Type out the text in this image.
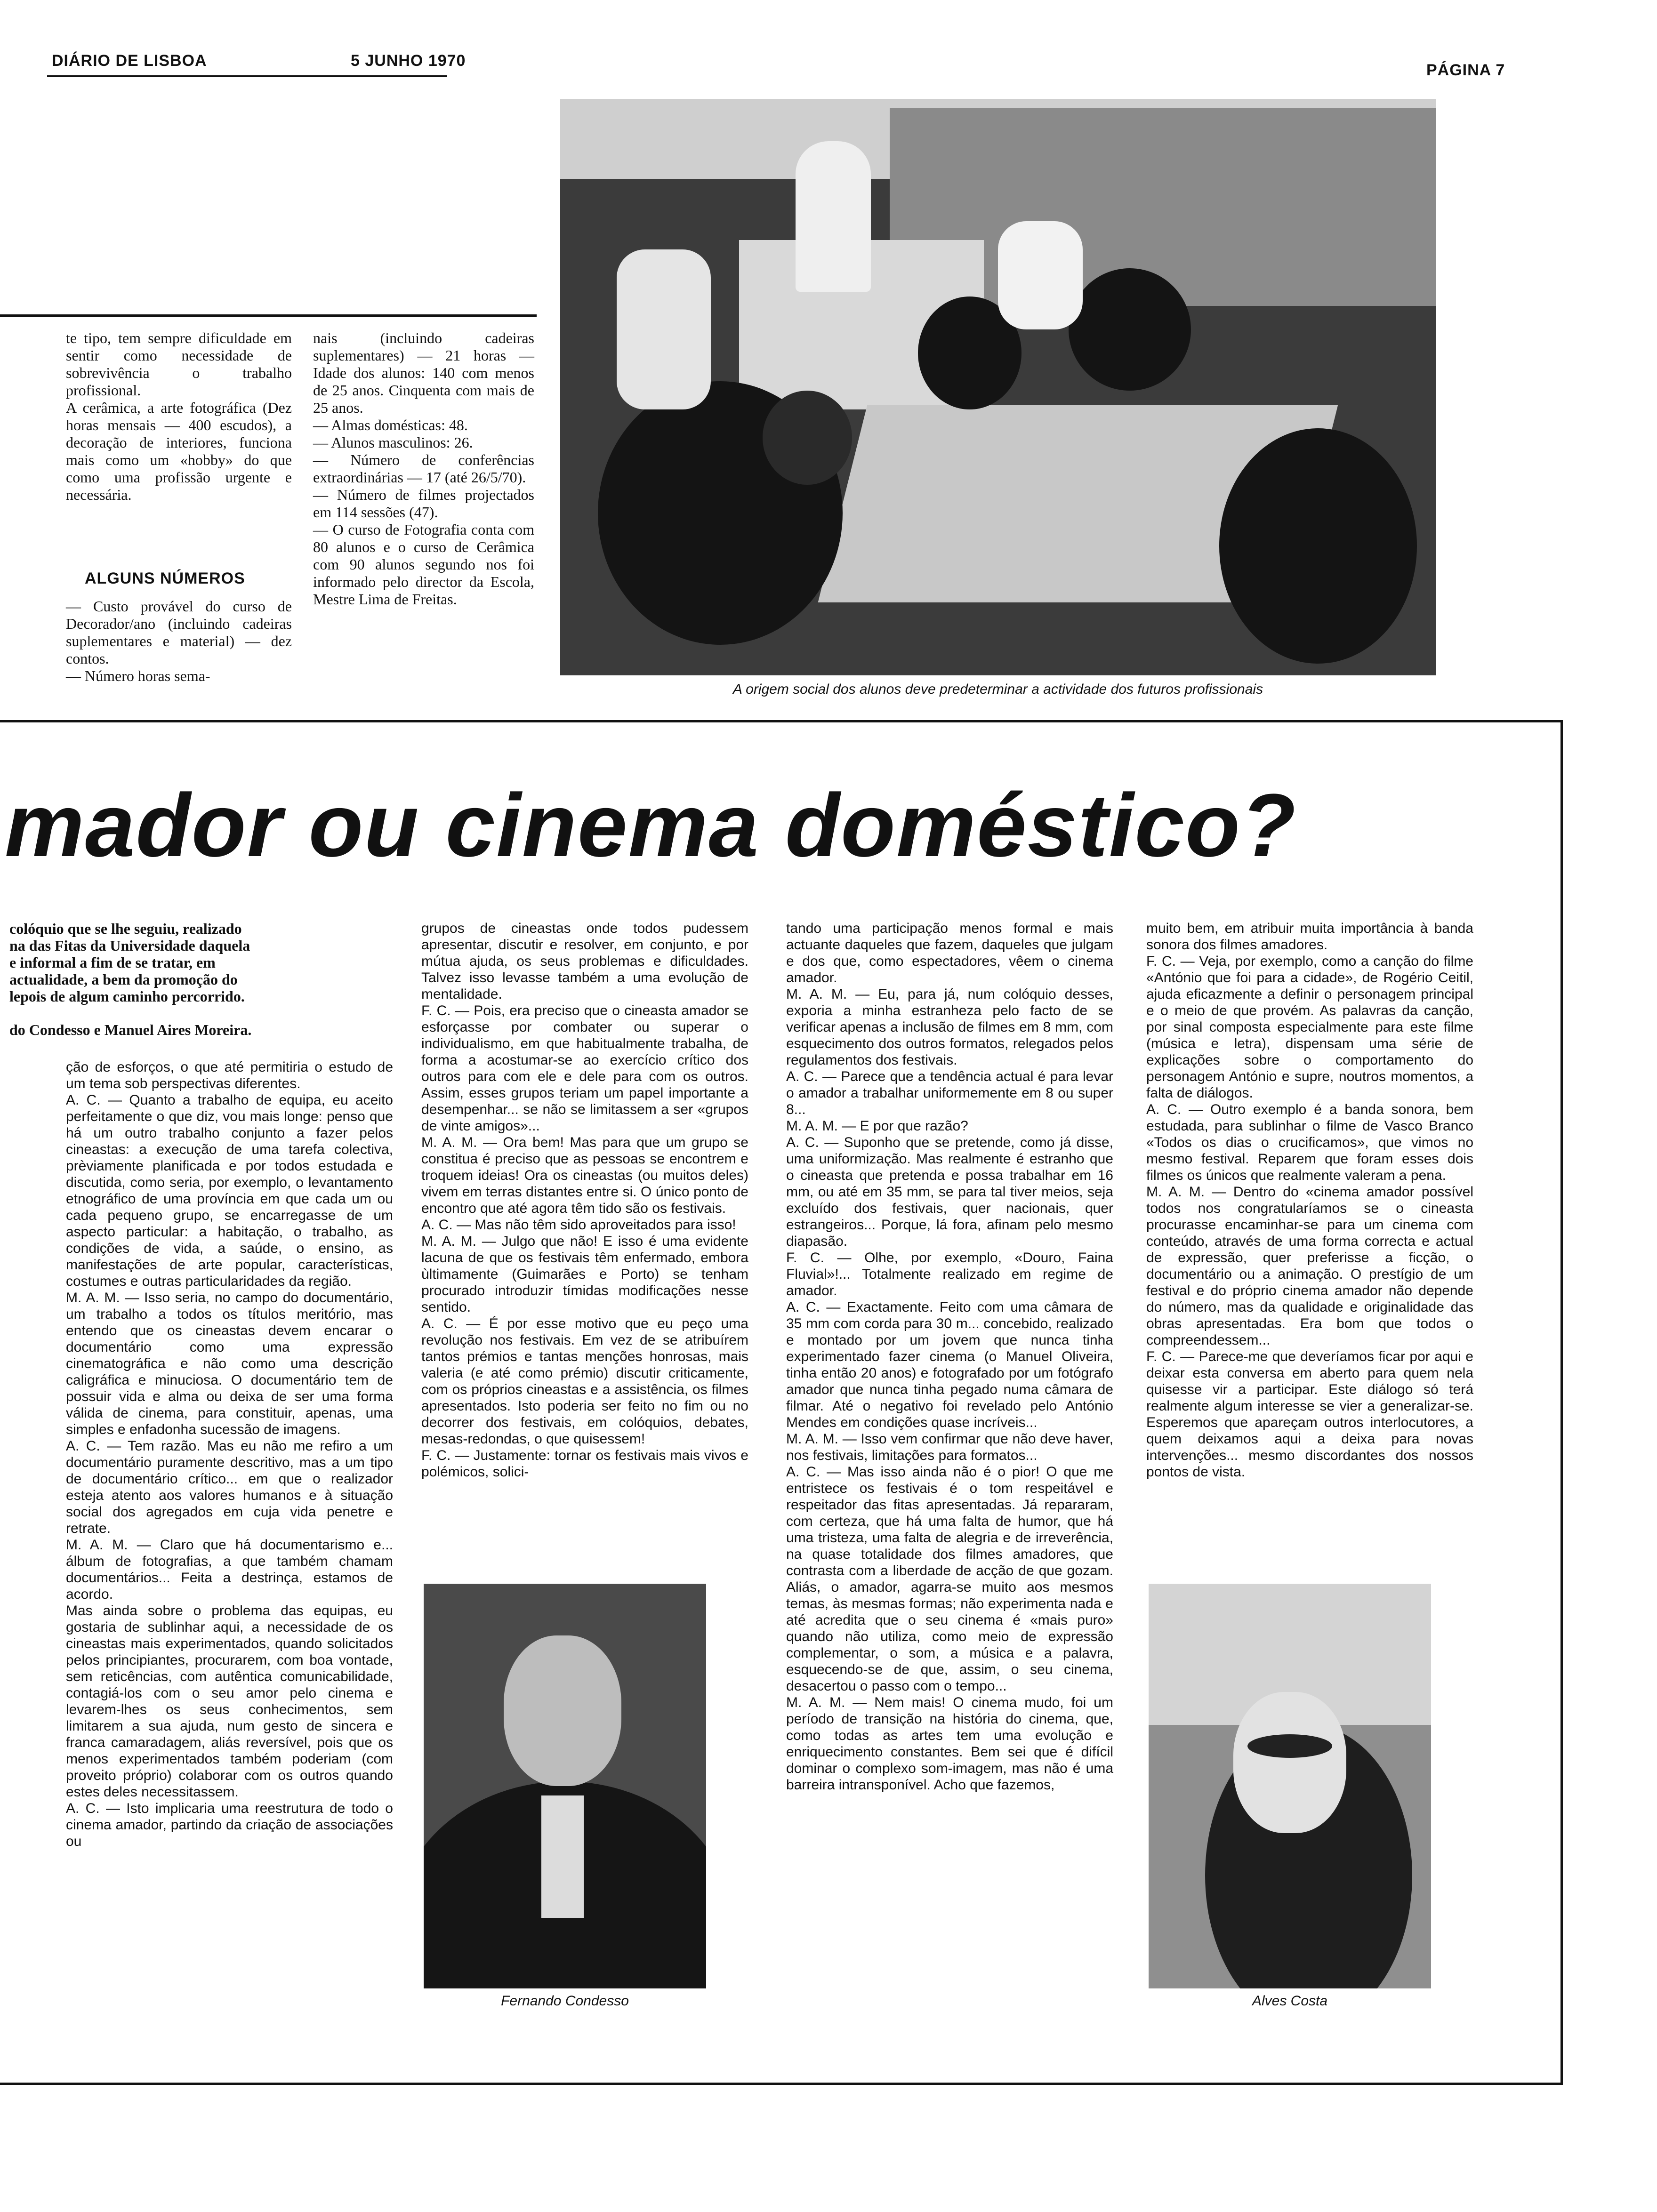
DIÁRIO DE LISBOA	5 JUNHO 1970
PÁGINA 7
te tipo, tem sempre dificuldade em sentir como necessidade de sobrevivência o trabalho profissional.
A cerâmica, a arte fotográfica (Dez horas mensais — 400 escudos), a decoração de interiores, funciona mais como um «hobby» do que como uma profissão urgente e necessária.
ALGUNS NÚMEROS
— Custo provável do curso de Decorador/ano (incluindo cadeiras suplementares e material) — dez contos.
— Número horas sema-
nais (incluindo cadeiras suplementares) — 21 horas — Idade dos alunos: 140 com menos de 25 anos. Cinquenta com mais de 25 anos.
— Almas domésticas: 48.
— Alunos masculinos: 26.
— Número de conferências extraordinárias — 17 (até 26/5/70).
— Número de filmes projectados em 114 sessões (47).
— O curso de Fotografia conta com 80 alunos e o curso de Cerâmica com 90 alunos segundo nos foi informado pelo director da Escola, Mestre Lima de Freitas.
A origem social dos alunos deve predeterminar a actividade dos futuros profissionais
mador ou cinema doméstico?
colóquio que se lhe seguiu, realizado
na das Fitas da Universidade daquela
e informal a fim de se tratar, em
actualidade, a bem da promoção do
lepois de algum caminho percorrido.
do Condesso e Manuel Aires Moreira.
ção de esforços, o que até permitiria o estudo de um tema sob perspectivas diferentes.
A. C. — Quanto a trabalho de equipa, eu aceito perfeitamente o que diz, vou mais longe: penso que há um outro trabalho conjunto a fazer pelos cineastas: a execução de uma tarefa colectiva, prèviamente planificada e por todos estudada e discutida, como seria, por exemplo, o levantamento etnográfico de uma província em que cada um ou cada pequeno grupo, se encarregasse de um aspecto particular: a habitação, o trabalho, as condições de vida, a saúde, o ensino, as manifestações de arte popular, características, costumes e outras particularidades da região.
M. A. M. — Isso seria, no campo do documentário, um trabalho a todos os títulos meritório, mas entendo que os cineastas devem encarar o documentário como uma expressão cinematográfica e não como uma descrição caligráfica e minuciosa. O documentário tem de possuir vida e alma ou deixa de ser uma forma válida de cinema, para constituir, apenas, uma simples e enfadonha sucessão de imagens.
A. C. — Tem razão. Mas eu não me refiro a um documentário puramente descritivo, mas a um tipo de documentário crítico... em que o realizador esteja atento aos valores humanos e à situação social dos agregados em cuja vida penetre e retrate.
M. A. M. — Claro que há documentarismo e... álbum de fotografias, a que também chamam documentários... Feita a destrinça, estamos de acordo.
Mas ainda sobre o problema das equipas, eu gostaria de sublinhar aqui, a necessidade de os cineastas mais experimentados, quando solicitados pelos principiantes, procurarem, com boa vontade, sem reticências, com autêntica comunicabilidade, contagiá-los com o seu amor pelo cinema e levarem-lhes os seus conhecimentos, sem limitarem a sua ajuda, num gesto de sincera e franca camaradagem, aliás reversível, pois que os menos experimentados também poderiam (com proveito próprio) colaborar com os outros quando estes deles necessitassem.
A. C. — Isto implicaria uma reestrutura de todo o cinema amador, partindo da criação de associações ou
grupos de cineastas onde todos pudessem apresentar, discutir e resolver, em conjunto, e por mútua ajuda, os seus problemas e dificuldades. Talvez isso levasse também a uma evolução de mentalidade.
F. C. — Pois, era preciso que o cineasta amador se esforçasse por combater ou superar o individualismo, em que habitualmente trabalha, de forma a acostumar-se ao exercício crítico dos outros para com ele e dele para com os outros. Assim, esses grupos teriam um papel importante a desempenhar... se não se limitassem a ser «grupos de vinte amigos»...
M. A. M. — Ora bem! Mas para que um grupo se constitua é preciso que as pessoas se encontrem e troquem ideias! Ora os cineastas (ou muitos deles) vivem em terras distantes entre si. O único ponto de encontro que até agora têm tido são os festivais.
A. C. — Mas não têm sido aproveitados para isso!
M. A. M. — Julgo que não! E isso é uma evidente lacuna de que os festivais têm enfermado, embora ùltimamente (Guimarães e Porto) se tenham procurado introduzir tímidas modificações nesse sentido.
A. C. — É por esse motivo que eu peço uma revolução nos festivais. Em vez de se atribuírem tantos prémios e tantas menções honrosas, mais valeria (e até como prémio) discutir criticamente, com os próprios cineastas e a assistência, os filmes apresentados. Isto poderia ser feito no fim ou no decorrer dos festivais, em colóquios, debates, mesas-redondas, o que quisessem!
F. C. — Justamente: tornar os festivais mais vivos e polémicos, solici-
tando uma participação menos formal e mais actuante daqueles que fazem, daqueles que julgam e dos que, como espectadores, vêem o cinema amador.
M. A. M. — Eu, para já, num colóquio desses, exporia a minha estranheza pelo facto de se verificar apenas a inclusão de filmes em 8 mm, com esquecimento dos outros formatos, relegados pelos regulamentos dos festivais.
A. C. — Parece que a tendência actual é para levar o amador a trabalhar uniformemente em 8 ou super 8...
M. A. M. — E por que razão?
A. C. — Suponho que se pretende, como já disse, uma uniformização. Mas realmente é estranho que o cineasta que pretenda e possa trabalhar em 16 mm, ou até em 35 mm, se para tal tiver meios, seja excluído dos festivais, quer nacionais, quer estrangeiros... Porque, lá fora, afinam pelo mesmo diapasão.
F. C. — Olhe, por exemplo, «Douro, Faina Fluvial»!... Totalmente realizado em regime de amador.
A. C. — Exactamente. Feito com uma câmara de 35 mm com corda para 30 m... concebido, realizado e montado por um jovem que nunca tinha experimentado fazer cinema (o Manuel Oliveira, tinha então 20 anos) e fotografado por um fotógrafo amador que nunca tinha pegado numa câmara de filmar. Até o negativo foi revelado pelo António Mendes em condições quase incríveis...
M. A. M. — Isso vem confirmar que não deve haver, nos festivais, limitações para formatos...
A. C. — Mas isso ainda não é o pior! O que me entristece os festivais é o tom respeitável e respeitador das fitas apresentadas. Já repararam, com certeza, que há uma falta de humor, que há uma tristeza, uma falta de alegria e de irreverência, na quase totalidade dos filmes amadores, que contrasta com a liberdade de acção de que gozam. Aliás, o amador, agarra-se muito aos mesmos temas, às mesmas formas; não experimenta nada e até acredita que o seu cinema é «mais puro» quando não utiliza, como meio de expressão complementar, o som, a música e a palavra, esquecendo-se de que, assim, o seu cinema, desacertou o passo com o tempo...
M. A. M. — Nem mais! O cinema mudo, foi um período de transição na história do cinema, que, como todas as artes tem uma evolução e enriquecimento constantes. Bem sei que é difícil dominar o complexo som-imagem, mas não é uma barreira intransponível. Acho que fazemos,
muito bem, em atribuir muita importância à banda sonora dos filmes amadores.
F. C. — Veja, por exemplo, como a canção do filme «António que foi para a cidade», de Rogério Ceitil, ajuda eficazmente a definir o personagem principal e o meio de que provém. As palavras da canção, por sinal composta especialmente para este filme (música e letra), dispensam uma série de explicações sobre o comportamento do personagem António e supre, noutros momentos, a falta de diálogos.
A. C. — Outro exemplo é a banda sonora, bem estudada, para sublinhar o filme de Vasco Branco «Todos os dias o crucificamos», que vimos no mesmo festival. Reparem que foram esses dois filmes os únicos que realmente valeram a pena.
M. A. M. — Dentro do «cinema amador possível todos nos congratularíamos se o cineasta procurasse encaminhar-se para um cinema com conteúdo, através de uma forma correcta e actual de expressão, quer preferisse a ficção, o documentário ou a animação. O prestígio de um festival e do próprio cinema amador não depende do número, mas da qualidade e originalidade das obras apresentadas. Era bom que todos o compreendessem...
F. C. — Parece-me que deveríamos ficar por aqui e deixar esta conversa em aberto para quem nela quisesse vir a participar. Este diálogo só terá realmente algum interesse se vier a generalizar-se. Esperemos que apareçam outros interlocutores, a quem deixamos aqui a deixa para novas intervenções... mesmo discordantes dos nossos pontos de vista.
Fernando Condesso	Alves Costa
